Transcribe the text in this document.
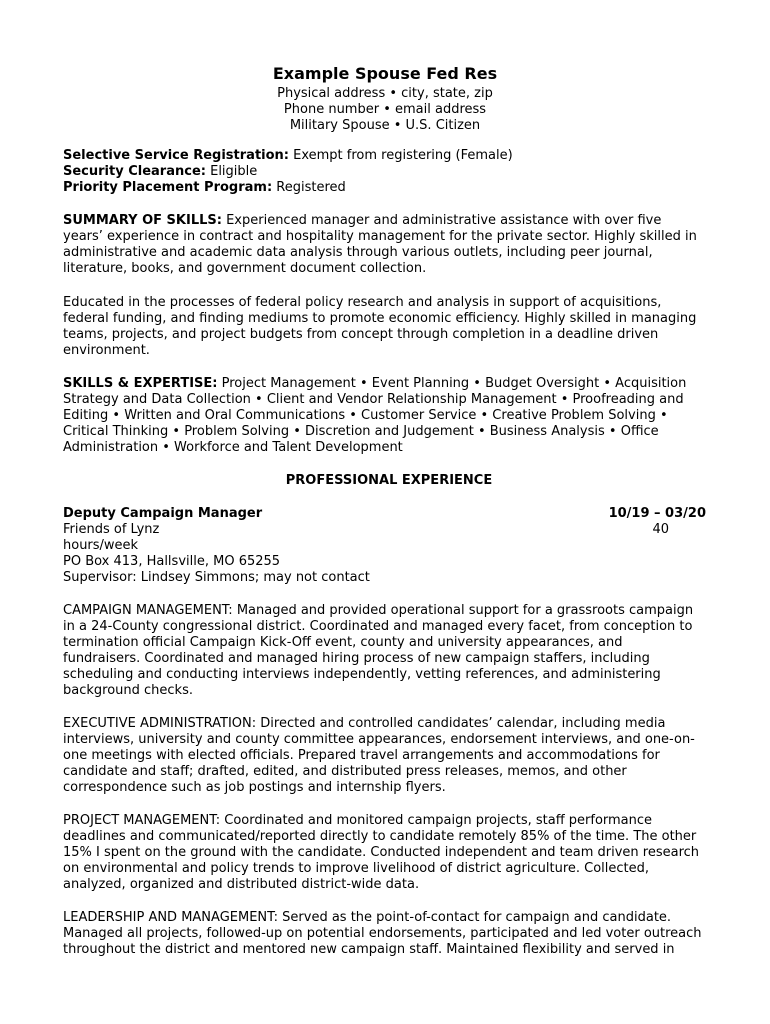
Example Spouse Fed Res
Physical address • city, state, zip
Phone number • email address
Military Spouse • U.S. Citizen
Selective Service Registration: Exempt from registering (Female)
Security Clearance: Eligible
Priority Placement Program: Registered
SUMMARY OF SKILLS: Experienced manager and administrative assistance with over five
years’ experience in contract and hospitality management for the private sector. Highly skilled in
administrative and academic data analysis through various outlets, including peer journal,
literature, books, and government document collection.
Educated in the processes of federal policy research and analysis in support of acquisitions,
federal funding, and finding mediums to promote economic efficiency. Highly skilled in managing
teams, projects, and project budgets from concept through completion in a deadline driven
environment.
SKILLS & EXPERTISE: Project Management • Event Planning • Budget Oversight • Acquisition
Strategy and Data Collection • Client and Vendor Relationship Management • Proofreading and
Editing • Written and Oral Communications • Customer Service • Creative Problem Solving •
Critical Thinking • Problem Solving • Discretion and Judgement • Business Analysis • Office
Administration • Workforce and Talent Development
PROFESSIONAL EXPERIENCE
Deputy Campaign Manager	10/19 – 03/20
Friends of Lynz	40
hours/week
PO Box 413, Hallsville, MO 65255
Supervisor: Lindsey Simmons; may not contact
CAMPAIGN MANAGEMENT: Managed and provided operational support for a grassroots campaign
in a 24-County congressional district. Coordinated and managed every facet, from conception to
termination official Campaign Kick-Off event, county and university appearances, and
fundraisers. Coordinated and managed hiring process of new campaign staffers, including
scheduling and conducting interviews independently, vetting references, and administering
background checks.
EXECUTIVE ADMINISTRATION: Directed and controlled candidates’ calendar, including media
interviews, university and county committee appearances, endorsement interviews, and one-on-
one meetings with elected officials. Prepared travel arrangements and accommodations for
candidate and staff; drafted, edited, and distributed press releases, memos, and other
correspondence such as job postings and internship flyers.
PROJECT MANAGEMENT: Coordinated and monitored campaign projects, staff performance
deadlines and communicated/reported directly to candidate remotely 85% of the time. The other
15% I spent on the ground with the candidate. Conducted independent and team driven research
on environmental and policy trends to improve livelihood of district agriculture. Collected,
analyzed, organized and distributed district-wide data.
LEADERSHIP AND MANAGEMENT: Served as the point-of-contact for campaign and candidate.
Managed all projects, followed-up on potential endorsements, participated and led voter outreach
throughout the district and mentored new campaign staff. Maintained flexibility and served in
